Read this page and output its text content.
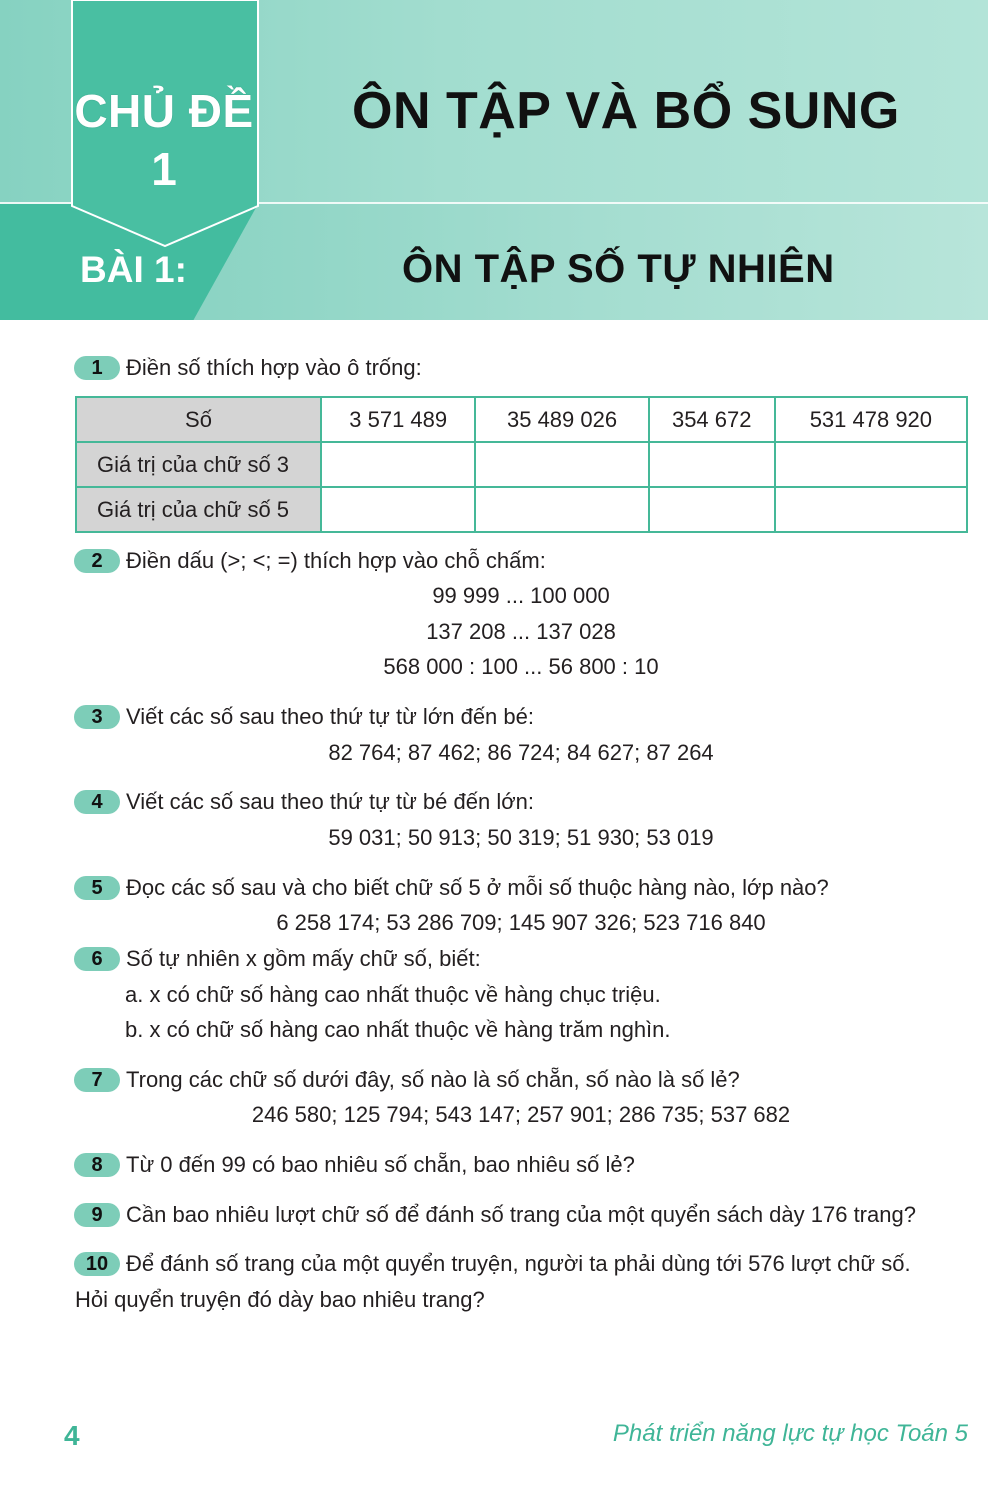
CHỦ ĐỀ
1
ÔN TẬP VÀ BỔ SUNG
BÀI 1:	ÔN TẬP SỐ TỰ NHIÊN
1	Điền số thích hợp vào ô trống:
Số	3 571 489	35 489 026	354 672	531 478 920
Giá trị của chữ số 3				
Giá trị của chữ số 5				
2	Điền dấu (>; <; =) thích hợp vào chỗ chấm:
99 999 ... 100 000
137 208 ... 137 028
568 000 : 100 ... 56 800 : 10
3	Viết các số sau theo thứ tự từ lớn đến bé:
82 764; 87 462; 86 724; 84 627; 87 264
4	Viết các số sau theo thứ tự từ bé đến lớn:
59 031; 50 913; 50 319; 51 930; 53 019
5	Đọc các số sau và cho biết chữ số 5 ở mỗi số thuộc hàng nào, lớp nào?
6 258 174; 53 286 709; 145 907 326; 523 716 840
6	Số tự nhiên x gồm mấy chữ số, biết:
a. x có chữ số hàng cao nhất thuộc về hàng chục triệu.
b. x có chữ số hàng cao nhất thuộc về hàng trăm nghìn.
7	Trong các chữ số dưới đây, số nào là số chẵn, số nào là số lẻ?
246 580; 125 794; 543 147; 257 901; 286 735; 537 682
8	Từ 0 đến 99 có bao nhiêu số chẵn, bao nhiêu số lẻ?
9	Cần bao nhiêu lượt chữ số để đánh số trang của một quyển sách dày 176 trang?
10 Để đánh số trang của một quyển truyện, người ta phải dùng tới 576 lượt chữ số.
Hỏi quyển truyện đó dày bao nhiêu trang?
4	Phát triển năng lực tự học Toán 5
